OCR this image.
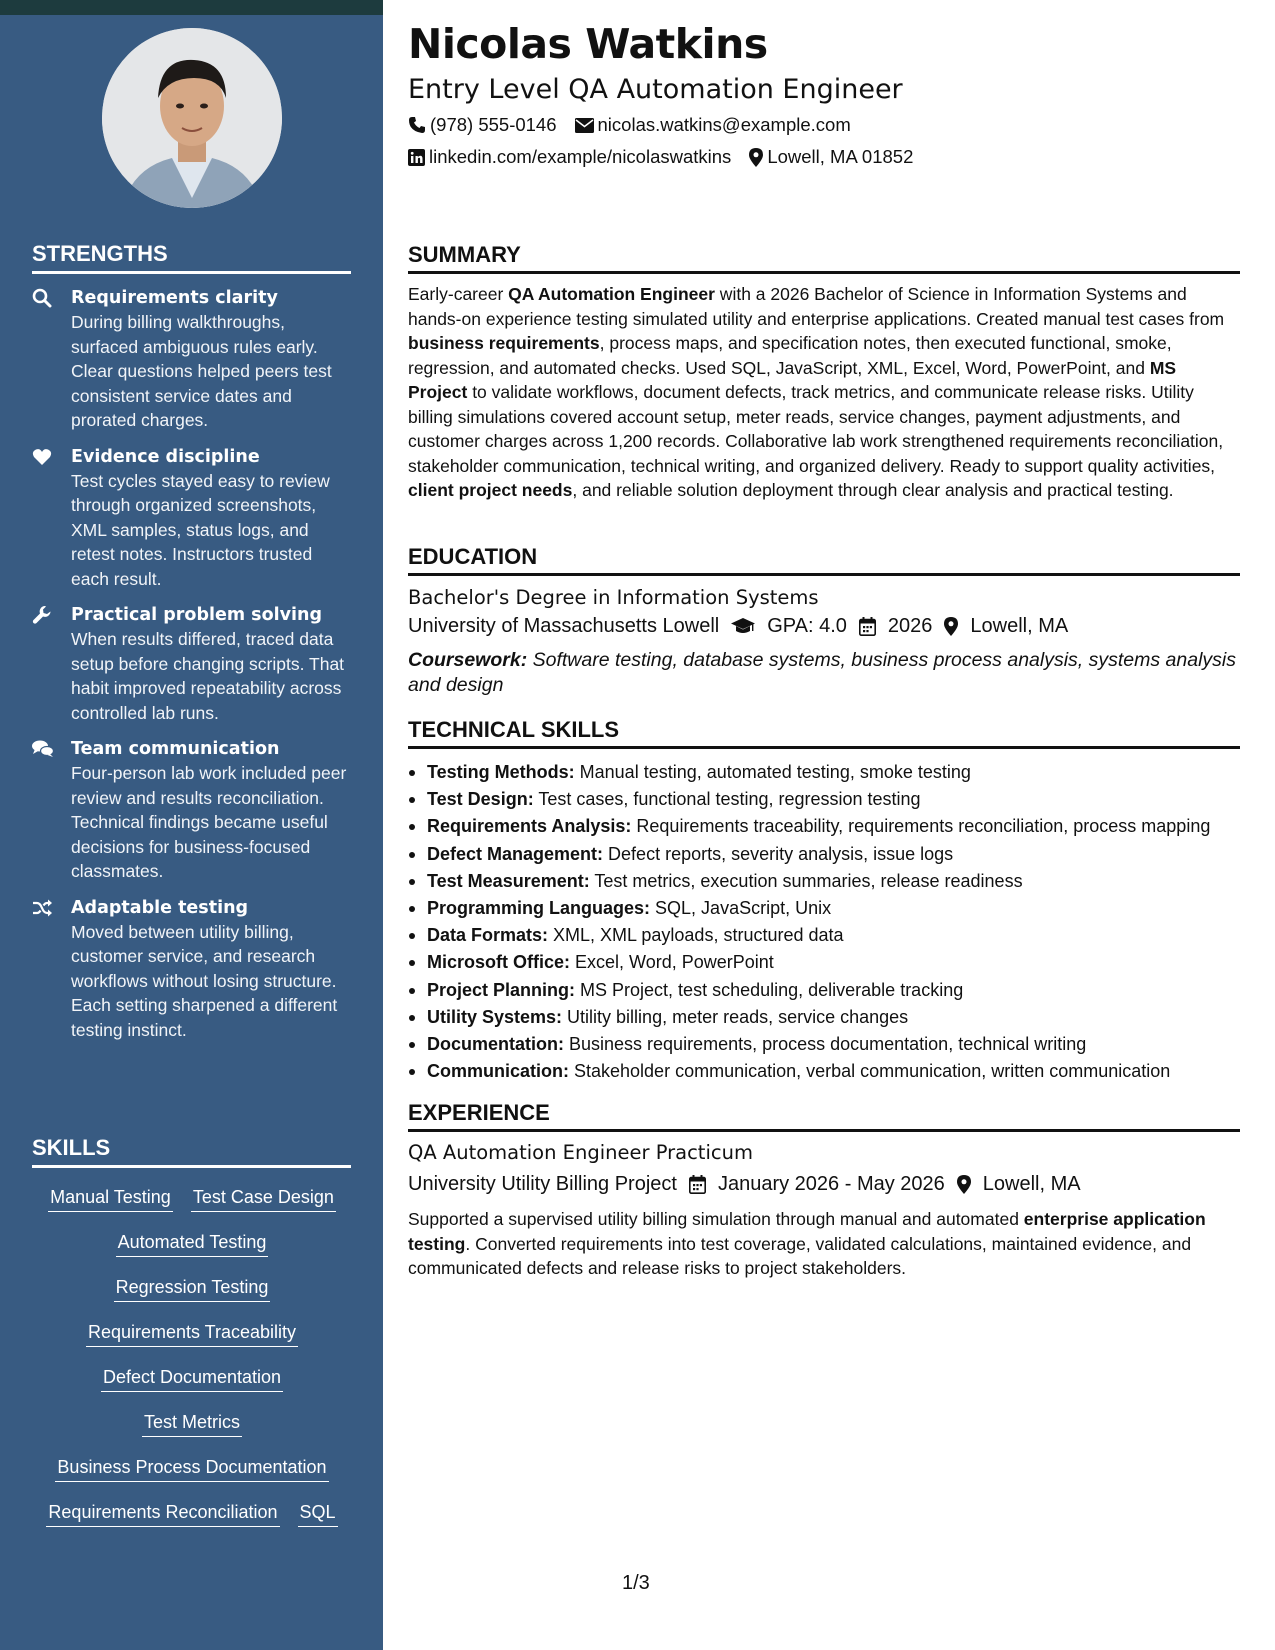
STRENGTHS
Requirements clarity
During billing walkthroughs, surfaced ambiguous rules early. Clear questions helped peers test consistent service dates and prorated charges.
Evidence discipline
Test cycles stayed easy to review through organized screenshots, XML samples, status logs, and retest notes. Instructors trusted each result.
Practical problem solving
When results differed, traced data setup before changing scripts. That habit improved repeatability across controlled lab runs.
Team communication
Four-person lab work included peer review and results reconciliation. Technical findings became useful decisions for business-focused classmates.
Adaptable testing
Moved between utility billing, customer service, and research workflows without losing structure. Each setting sharpened a different testing instinct.
SKILLS
Manual Testing Test Case Design
Automated Testing
Regression Testing
Requirements Traceability
Defect Documentation
Test Metrics
Business Process Documentation
Requirements Reconciliation SQL
Nicolas Watkins
Entry Level QA Automation Engineer
(978) 555-0146 nicolas.watkins@example.com
linkedin.com/example/nicolaswatkins Lowell, MA 01852
SUMMARY
Early-career QA Automation Engineer with a 2026 Bachelor of Science in Information Systems and hands-on experience testing simulated utility and enterprise applications. Created manual test cases from business requirements, process maps, and specification notes, then executed functional, smoke, regression, and automated checks. Used SQL, JavaScript, XML, Excel, Word, PowerPoint, and MS Project to validate workflows, document defects, track metrics, and communicate release risks. Utility billing simulations covered account setup, meter reads, service changes, payment adjustments, and customer charges across 1,200 records. Collaborative lab work strengthened requirements reconciliation, stakeholder communication, technical writing, and organized delivery. Ready to support quality activities, client project needs, and reliable solution deployment through clear analysis and practical testing.
EDUCATION
Bachelor's Degree in Information Systems
University of Massachusetts Lowell GPA: 4.0 2026 Lowell, MA
Coursework: Software testing, database systems, business process analysis, systems analysis and design
TECHNICAL SKILLS
Testing Methods: Manual testing, automated testing, smoke testing
Test Design: Test cases, functional testing, regression testing
Requirements Analysis: Requirements traceability, requirements reconciliation, process mapping
Defect Management: Defect reports, severity analysis, issue logs
Test Measurement: Test metrics, execution summaries, release readiness
Programming Languages: SQL, JavaScript, Unix
Data Formats: XML, XML payloads, structured data
Microsoft Office: Excel, Word, PowerPoint
Project Planning: MS Project, test scheduling, deliverable tracking
Utility Systems: Utility billing, meter reads, service changes
Documentation: Business requirements, process documentation, technical writing
Communication: Stakeholder communication, verbal communication, written communication
EXPERIENCE
QA Automation Engineer Practicum
University Utility Billing Project January 2026 - May 2026 Lowell, MA
Supported a supervised utility billing simulation through manual and automated enterprise application testing. Converted requirements into test coverage, validated calculations, maintained evidence, and communicated defects and release risks to project stakeholders.
1/3
